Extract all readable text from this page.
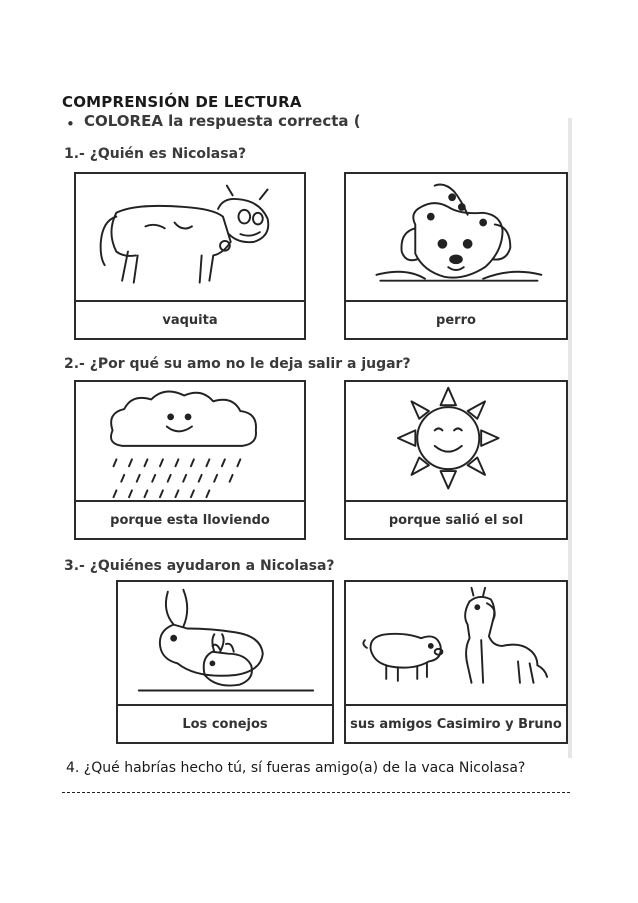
COMPRENSIÓN DE LECTURA
• COLOREA la respuesta correcta (
1.- ¿Quién es Nicolasa?
vaquita	perro
2.- ¿Por qué su amo no le deja salir a jugar?
porque esta lloviendo	porque salió el sol
3.- ¿Quiénes ayudaron a Nicolasa?
Los conejos	sus amigos Casimiro y Bruno
4. ¿Qué habrías hecho tú, sí fueras amigo(a) de la vaca Nicolasa?
